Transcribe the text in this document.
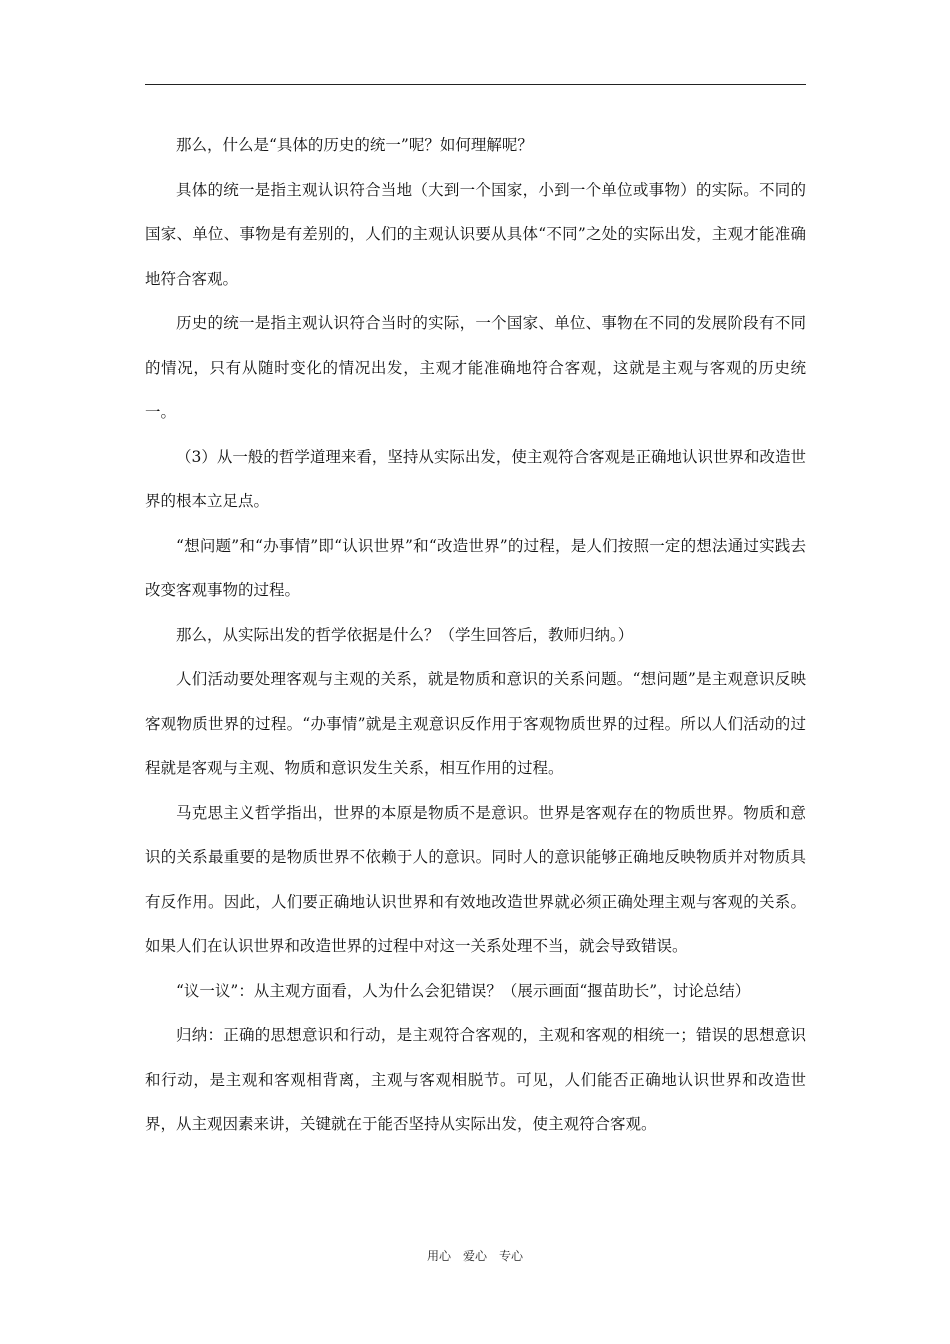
那么，什么是“具体的历史的统一”呢？如何理解呢？

具体的统一是指主观认识符合当地（大到一个国家，小到一个单位或事物）的实际。不同的国家、单位、事物是有差别的，人们的主观认识要从具体“不同”之处的实际出发，主观才能准确地符合客观。

历史的统一是指主观认识符合当时的实际，一个国家、单位、事物在不同的发展阶段有不同的情况，只有从随时变化的情况出发，主观才能准确地符合客观，这就是主观与客观的历史统一。

（3）从一般的哲学道理来看，坚持从实际出发，使主观符合客观是正确地认识世界和改造世界的根本立足点。

“想问题”和“办事情”即“认识世界”和“改造世界”的过程，是人们按照一定的想法通过实践去改变客观事物的过程。

那么，从实际出发的哲学依据是什么？（学生回答后，教师归纳。）

人们活动要处理客观与主观的关系，就是物质和意识的关系问题。“想问题”是主观意识反映客观物质世界的过程。“办事情”就是主观意识反作用于客观物质世界的过程。所以人们活动的过程就是客观与主观、物质和意识发生关系，相互作用的过程。

马克思主义哲学指出，世界的本原是物质不是意识。世界是客观存在的物质世界。物质和意识的关系最重要的是物质世界不依赖于人的意识。同时人的意识能够正确地反映物质并对物质具有反作用。因此，人们要正确地认识世界和有效地改造世界就必须正确处理主观与客观的关系。如果人们在认识世界和改造世界的过程中对这一关系处理不当，就会导致错误。

“议一议”：从主观方面看，人为什么会犯错误？（展示画面“揠苗助长”，讨论总结）

归纳：正确的思想意识和行动，是主观符合客观的，主观和客观的相统一；错误的思想意识和行动，是主观和客观相背离，主观与客观相脱节。可见，人们能否正确地认识世界和改造世界，从主观因素来讲，关键就在于能否坚持从实际出发，使主观符合客观。

用心　爱心　专心
